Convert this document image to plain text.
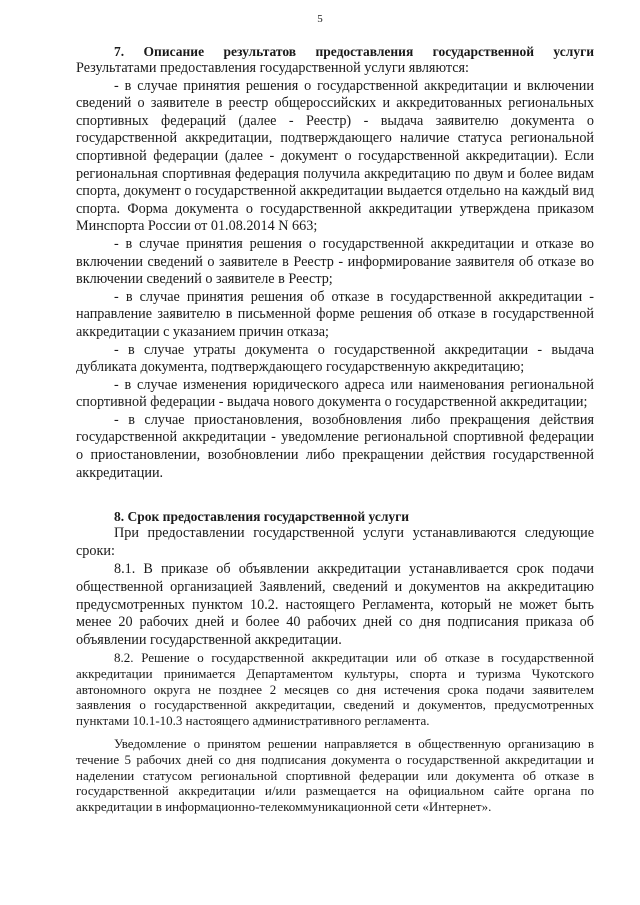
5

7. Описание результатов предоставления государственной услуги

Результатами предоставления государственной услуги являются:

- в случае принятия решения о государственной аккредитации и включении сведений о заявителе в реестр общероссийских и аккредитованных региональных спортивных федераций (далее - Реестр) - выдача заявителю документа о государственной аккредитации, подтверждающего наличие статуса региональной спортивной федерации (далее - документ о государственной аккредитации). Если региональная спортивная федерация получила аккредитацию по двум и более видам спорта, документ о государственной аккредитации выдается отдельно на каждый вид спорта. Форма документа о государственной аккредитации утверждена приказом Минспорта России от 01.08.2014 N 663;

- в случае принятия решения о государственной аккредитации и отказе во включении сведений о заявителе в Реестр - информирование заявителя об отказе во включении сведений о заявителе в Реестр;

- в случае принятия решения об отказе в государственной аккредитации - направление заявителю в письменной форме решения об отказе в государственной аккредитации с указанием причин отказа;

- в случае утраты документа о государственной аккредитации - выдача дубликата документа, подтверждающего государственную аккредитацию;

- в случае изменения юридического адреса или наименования региональной спортивной федерации - выдача нового документа о государственной аккредитации;

- в случае приостановления, возобновления либо прекращения действия государственной аккредитации - уведомление региональной спортивной федерации о приостановлении, возобновлении либо прекращении действия государственной аккредитации.

8. Срок предоставления государственной услуги

При предоставлении государственной услуги устанавливаются следующие сроки:

8.1. В приказе об объявлении аккредитации устанавливается срок подачи общественной организацией Заявлений, сведений и документов на аккредитацию предусмотренных пунктом 10.2. настоящего Регламента, который не может быть менее 20 рабочих дней и более 40 рабочих дней со дня подписания приказа об объявлении государственной аккредитации.

8.2. Решение о государственной аккредитации или об отказе в государственной аккредитации принимается Департаментом культуры, спорта и туризма Чукотского автономного округа не позднее 2 месяцев со дня истечения срока подачи заявителем заявления о государственной аккредитации, сведений и документов, предусмотренных пунктами 10.1-10.3 настоящего административного регламента.

Уведомление о принятом решении направляется в общественную организацию в течение 5 рабочих дней со дня подписания документа о государственной аккредитации и наделении статусом региональной спортивной федерации или документа об отказе в государственной аккредитации и/или размещается на официальном сайте органа по аккредитации в информационно-телекоммуникационной сети «Интернет».
